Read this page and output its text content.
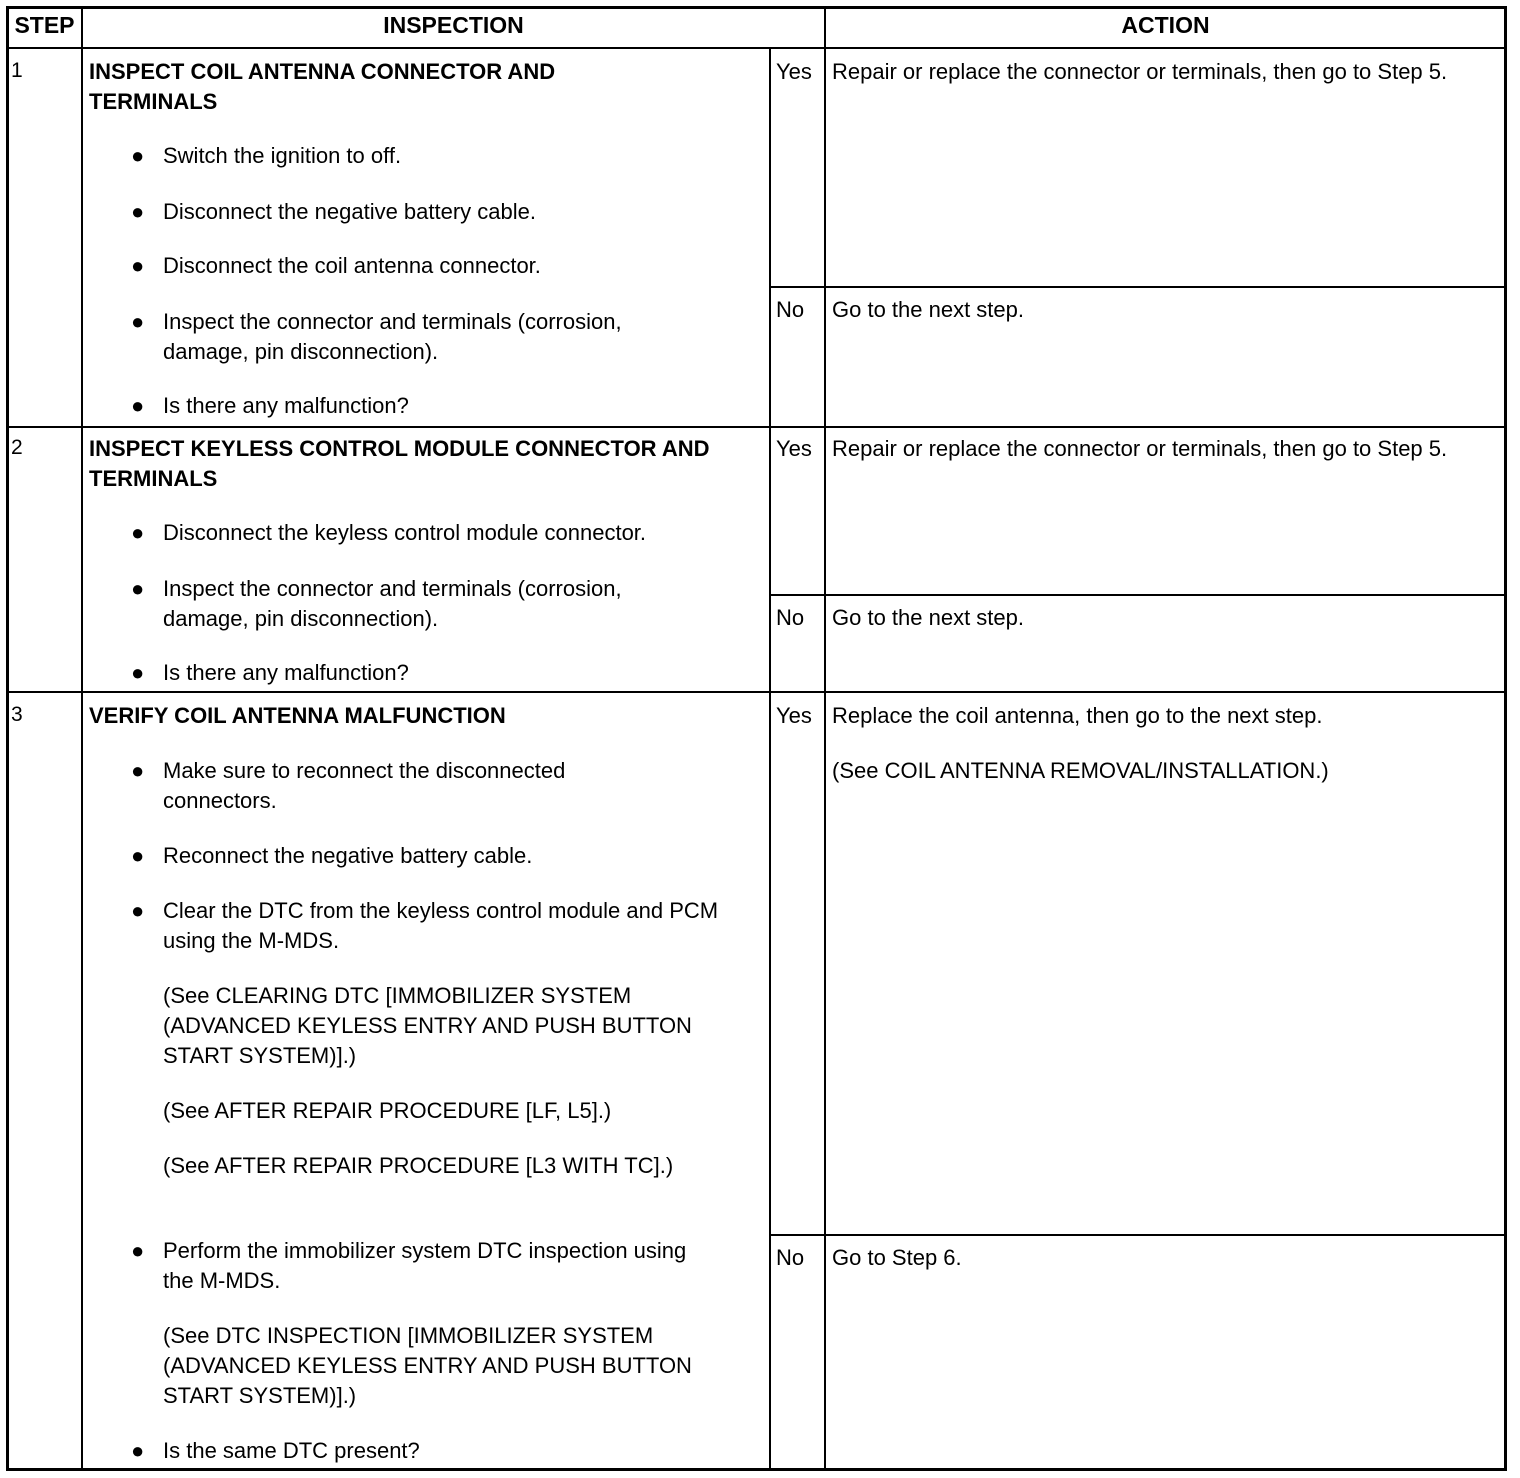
STEP	INSPECTION	ACTION
1	INSPECT COIL ANTENNA CONNECTOR AND TERMINALS
● Switch the ignition to off.
● Disconnect the negative battery cable.
● Disconnect the coil antenna connector.
● Inspect the connector and terminals (corrosion, damage, pin disconnection).
● Is there any malfunction?
Yes Repair or replace the connector or terminals, then go to Step 5.
No Go to the next step.
2	INSPECT KEYLESS CONTROL MODULE CONNECTOR AND TERMINALS
● Disconnect the keyless control module connector.
● Inspect the connector and terminals (corrosion, damage, pin disconnection).
● Is there any malfunction?
Yes Repair or replace the connector or terminals, then go to Step 5.
No Go to the next step.
3	VERIFY COIL ANTENNA MALFUNCTION
● Make sure to reconnect the disconnected connectors.
● Reconnect the negative battery cable.
● Clear the DTC from the keyless control module and PCM using the M-MDS.
(See CLEARING DTC [IMMOBILIZER SYSTEM (ADVANCED KEYLESS ENTRY AND PUSH BUTTON START SYSTEM)].)
(See AFTER REPAIR PROCEDURE [LF, L5].)
(See AFTER REPAIR PROCEDURE [L3 WITH TC].)
● Perform the immobilizer system DTC inspection using the M-MDS.
(See DTC INSPECTION [IMMOBILIZER SYSTEM (ADVANCED KEYLESS ENTRY AND PUSH BUTTON START SYSTEM)].)
● Is the same DTC present?
Yes Replace the coil antenna, then go to the next step.
(See COIL ANTENNA REMOVAL/INSTALLATION.)
No Go to Step 6.
